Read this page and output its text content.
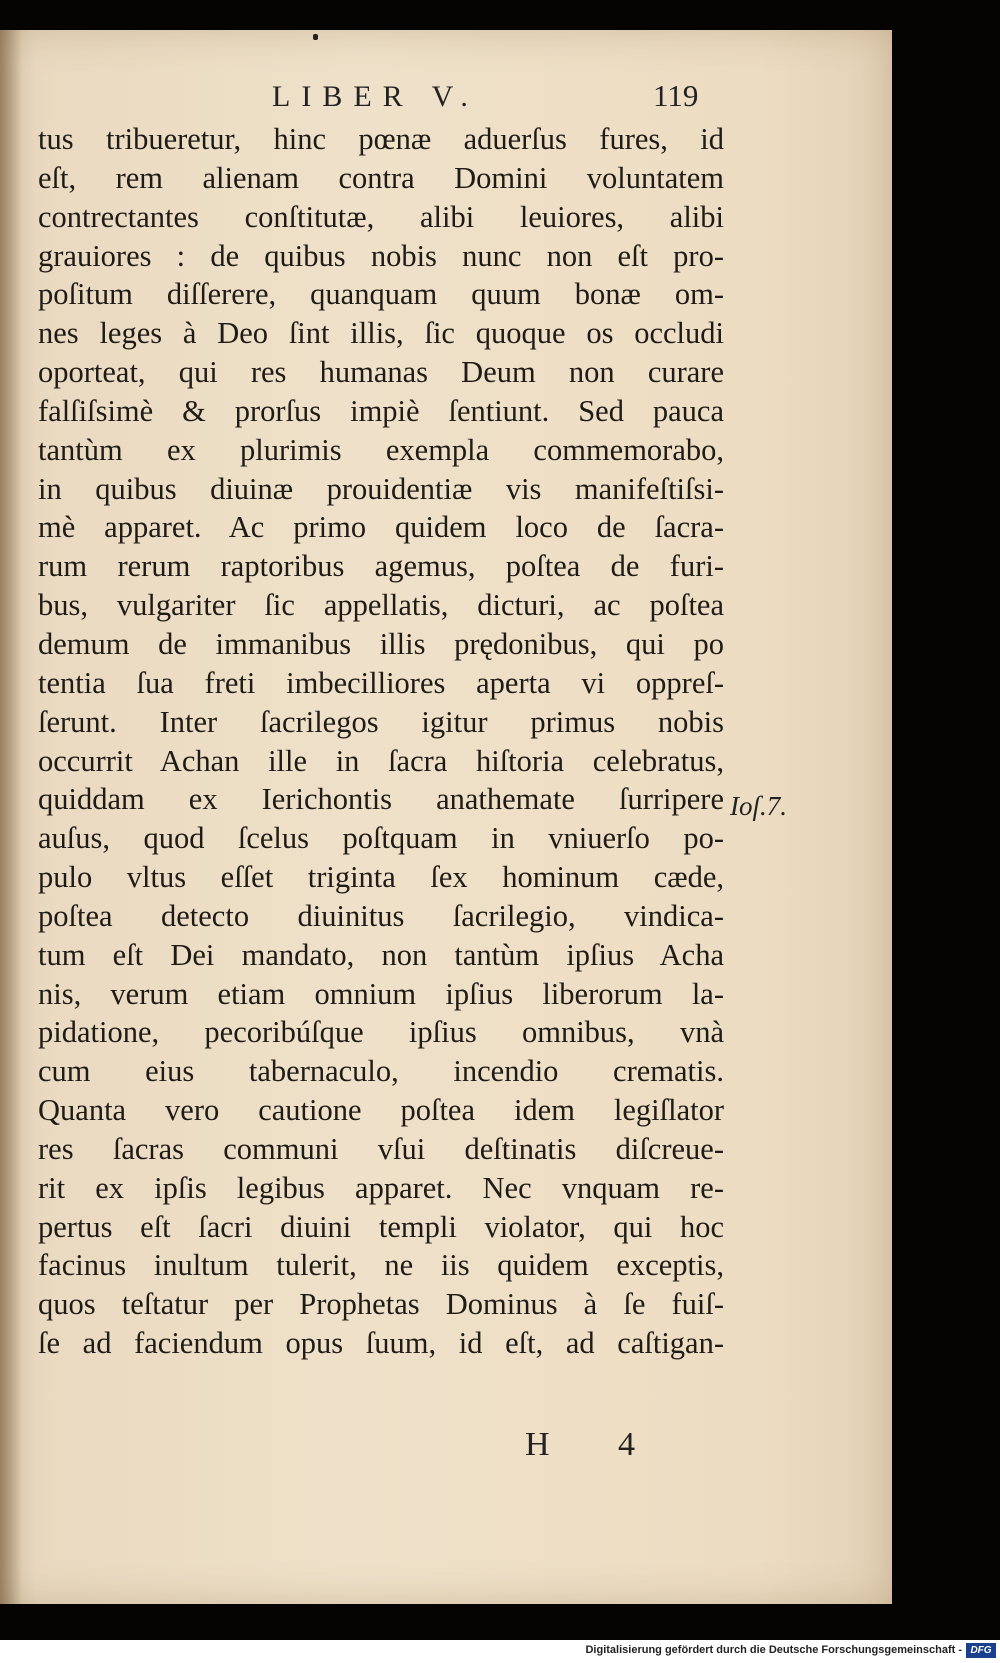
LIBER V.	119
tus tribueretur, hinc pœnæ aduerſus fures, id
eſt, rem alienam contra Domini voluntatem
contrectantes conſtitutæ, alibi leuiores, alibi
grauiores : de quibus nobis nunc non eſt pro-
poſitum diſſerere, quanquam quum bonæ om-
nes leges à Deo ſint illis, ſic quoque os occludi
oporteat, qui res humanas Deum non curare
falſiſsimè & prorſus impiè ſentiunt. Sed pauca
tantùm ex plurimis exempla commemorabo,
in quibus diuinæ prouidentiæ vis manifeſtiſsi-
mè apparet. Ac primo quidem loco de ſacra-
rum rerum raptoribus agemus, poſtea de furi-
bus, vulgariter ſic appellatis, dicturi, ac poſtea
demum de immanibus illis prędonibus, qui po
tentia ſua freti imbecilliores aperta vi oppreſ-
ſerunt. Inter ſacrilegos igitur primus nobis
occurrit Achan ille in ſacra hiſtoria celebratus,
quiddam ex Ierichontis anathemate ſurripere
auſus, quod ſcelus poſtquam in vniuerſo po-
pulo vltus eſſet triginta ſex hominum cæde,
poſtea detecto diuinitus ſacrilegio, vindica-
tum eſt Dei mandato, non tantùm ipſius Acha
nis, verum etiam omnium ipſius liberorum la-
pidatione, pecoribúſque ipſius omnibus, vnà
cum eius tabernaculo, incendio crematis.
Quanta vero cautione poſtea idem legiſlator
res ſacras communi vſui deſtinatis diſcreue-
rit ex ipſis legibus apparet. Nec vnquam re-
pertus eſt ſacri diuini templi violator, qui hoc
facinus inultum tulerit, ne iis quidem exceptis,
quos teſtatur per Prophetas Dominus à ſe fuiſ-
ſe ad faciendum opus ſuum, id eſt, ad caſtigan-
Ioſ.7.
H 4
Digitalisierung gefördert durch die Deutsche Forschungsgemeinschaft - DFG
